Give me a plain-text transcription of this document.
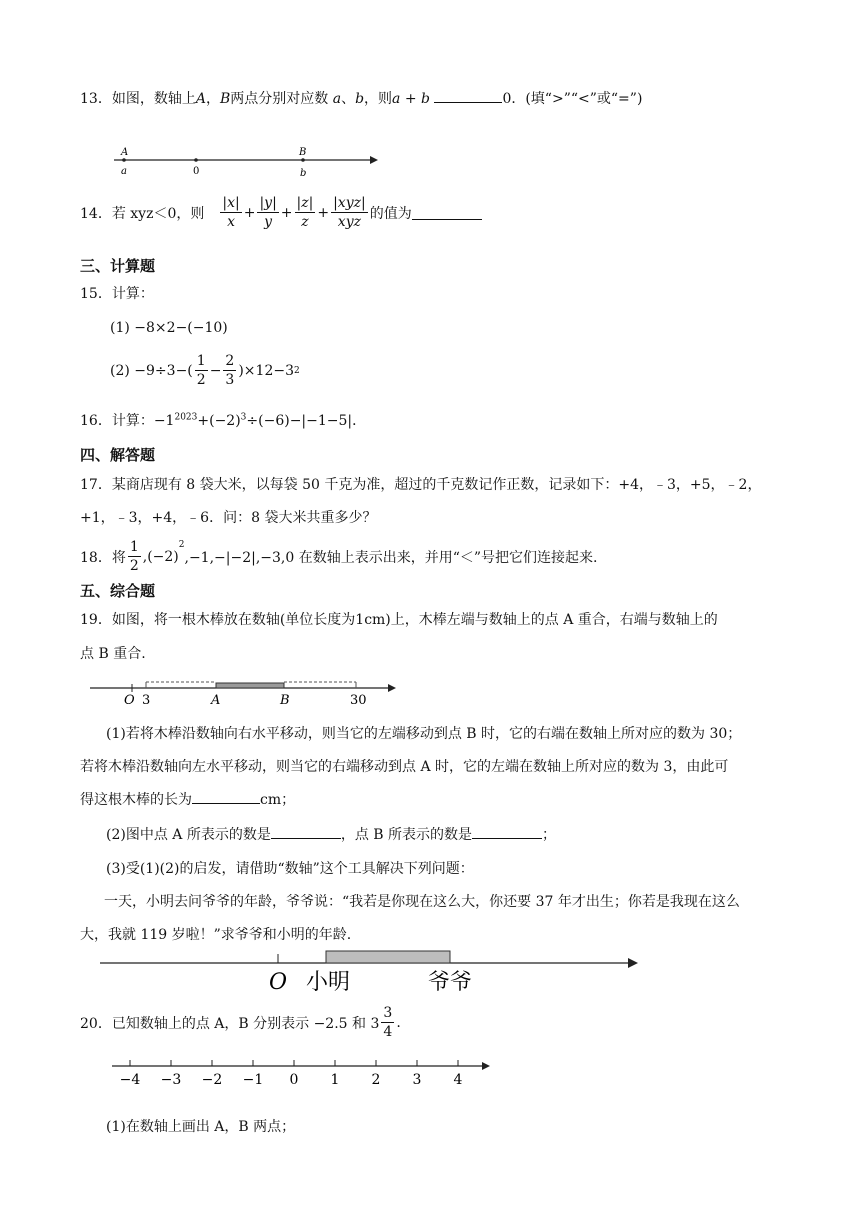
13．如图，数轴上A，B两点分别对应数 a、b，则a + b	0．(填“>”“<”或“=”)
A	B
a	0	b
14． 若 xyz＜0，则 $\frac{|x|}{x} + \frac{|y|}{y} + \frac{|z|}{z} + \frac{\text{|xyz|}}{\text{xyz}}$ 的值为
三、计算题
15．计算：
(1) −8×2−(−10)
(2)
$-9\div 3-( \frac{1}{2} - \frac{2}{3} )\times 12-3$ 2
16．计算：$-1^{2023}+(-2)^3\div(-6)-|-1-5|$．
四、解答题
17．某商店现有 8 袋大米，以每袋 50 千克为准，超过的千克数记作正数，记录如下：+4，﹣3，+5，﹣2，
+1，﹣3，+4，﹣6．问：8 袋大米共重多少？
18． 将 $\frac{1}{2} ,(-2)$
$^2$
,−1,−|−2|,−3,0 在数轴上表示出来，并用“＜”号把它们连接起来.
五、综合题
19．如图，将一根木棒放在数轴(单位长度为1cm)上，木棒左端与数轴上的点 A 重合，右端与数轴上的
点 B 重合.
O 3	A	B	30
(1)若将木棒沿数轴向右水平移动，则当它的左端移动到点 B 时，它的右端在数轴上所对应的数为 30；
若将木棒沿数轴向左水平移动，则当它的右端移动到点 A 时，它的左端在数轴上所对应的数为 3，由此可
得这根木棒的长为	cm；
(2)图中点 A 所表示的数是	，点 B 所表示的数是	；
(3)受(1)(2)的启发，请借助“数轴”这个工具解决下列问题：
一天，小明去问爷爷的年龄，爷爷说：“我若是你现在这么大，你还要 37 年才出生；你若是我现在这么
大，我就 119 岁啦！”求爷爷和小明的年龄.
O 小明	爷爷
20． 已知数轴上的点 A，B 分别表示 −2.5 和 $3 \frac{3}{4}$ .
−4 −3 −2 −1 0 1 2 3 4
(1)在数轴上画出 A，B 两点；
